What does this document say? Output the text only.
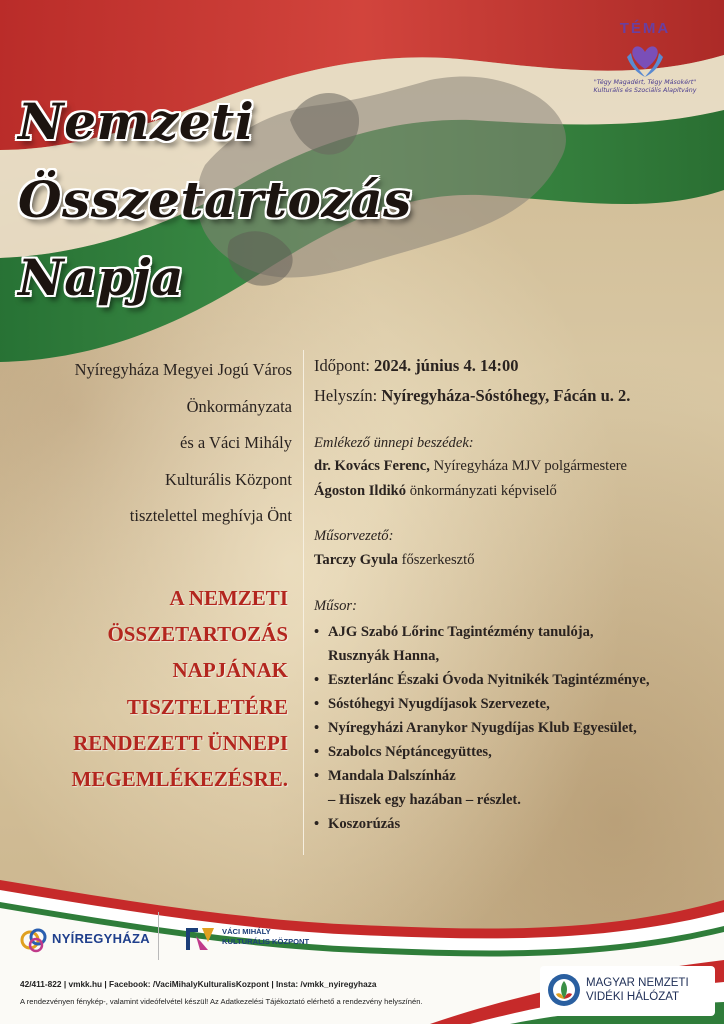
Nemzeti
Összetartozás
Napja
TÉMA
"Tégy Magadért, Tégy Másokért"
Kulturális és Szociális Alapítvány
Nyíregyháza Megyei Jogú Város
Önkormányzata
és a Váci Mihály
Kulturális Központ
tisztelettel meghívja Önt
A NEMZETI
ÖSSZETARTOZÁS
NAPJÁNAK
TISZTELETÉRE
RENDEZETT ÜNNEPI
MEGEMLÉKEZÉSRE.
Időpont: 2024. június 4. 14:00
Helyszín: Nyíregyháza-Sóstóhegy, Fácán u. 2.
Emlékező ünnepi beszédek:
dr. Kovács Ferenc, Nyíregyháza MJV polgármestere
Ágoston Ildikó önkormányzati képviselő
Műsorvezető:
Tarczy Gyula főszerkesztő
Műsor:
• AJG Szabó Lőrinc Tagintézmény tanulója,
Rusznyák Hanna,
• Eszterlánc Északi Óvoda Nyitnikék Tagintézménye,
• Sóstóhegyi Nyugdíjasok Szervezete,
• Nyíregyházi Aranykor Nyugdíjas Klub Egyesület,
• Szabolcs Néptáncegyüttes,
• Mandala Dalszínház
– Hiszek egy hazában – részlet.
• Koszorúzás
NYÍREGYHÁZA	VÁCI MIHÁLY
KULTURÁLIS KÖZPONT
42/411-822 | vmkk.hu | Facebook: /VaciMihalyKulturalisKozpont | Insta: /vmkk_nyiregyhaza
A rendezvényen fénykép-, valamint videófelvétel készül! Az Adatkezelési Tájékoztató elérhető a rendezvény helyszínén.
MAGYAR NEMZETI
VIDÉKI HÁLÓZAT
